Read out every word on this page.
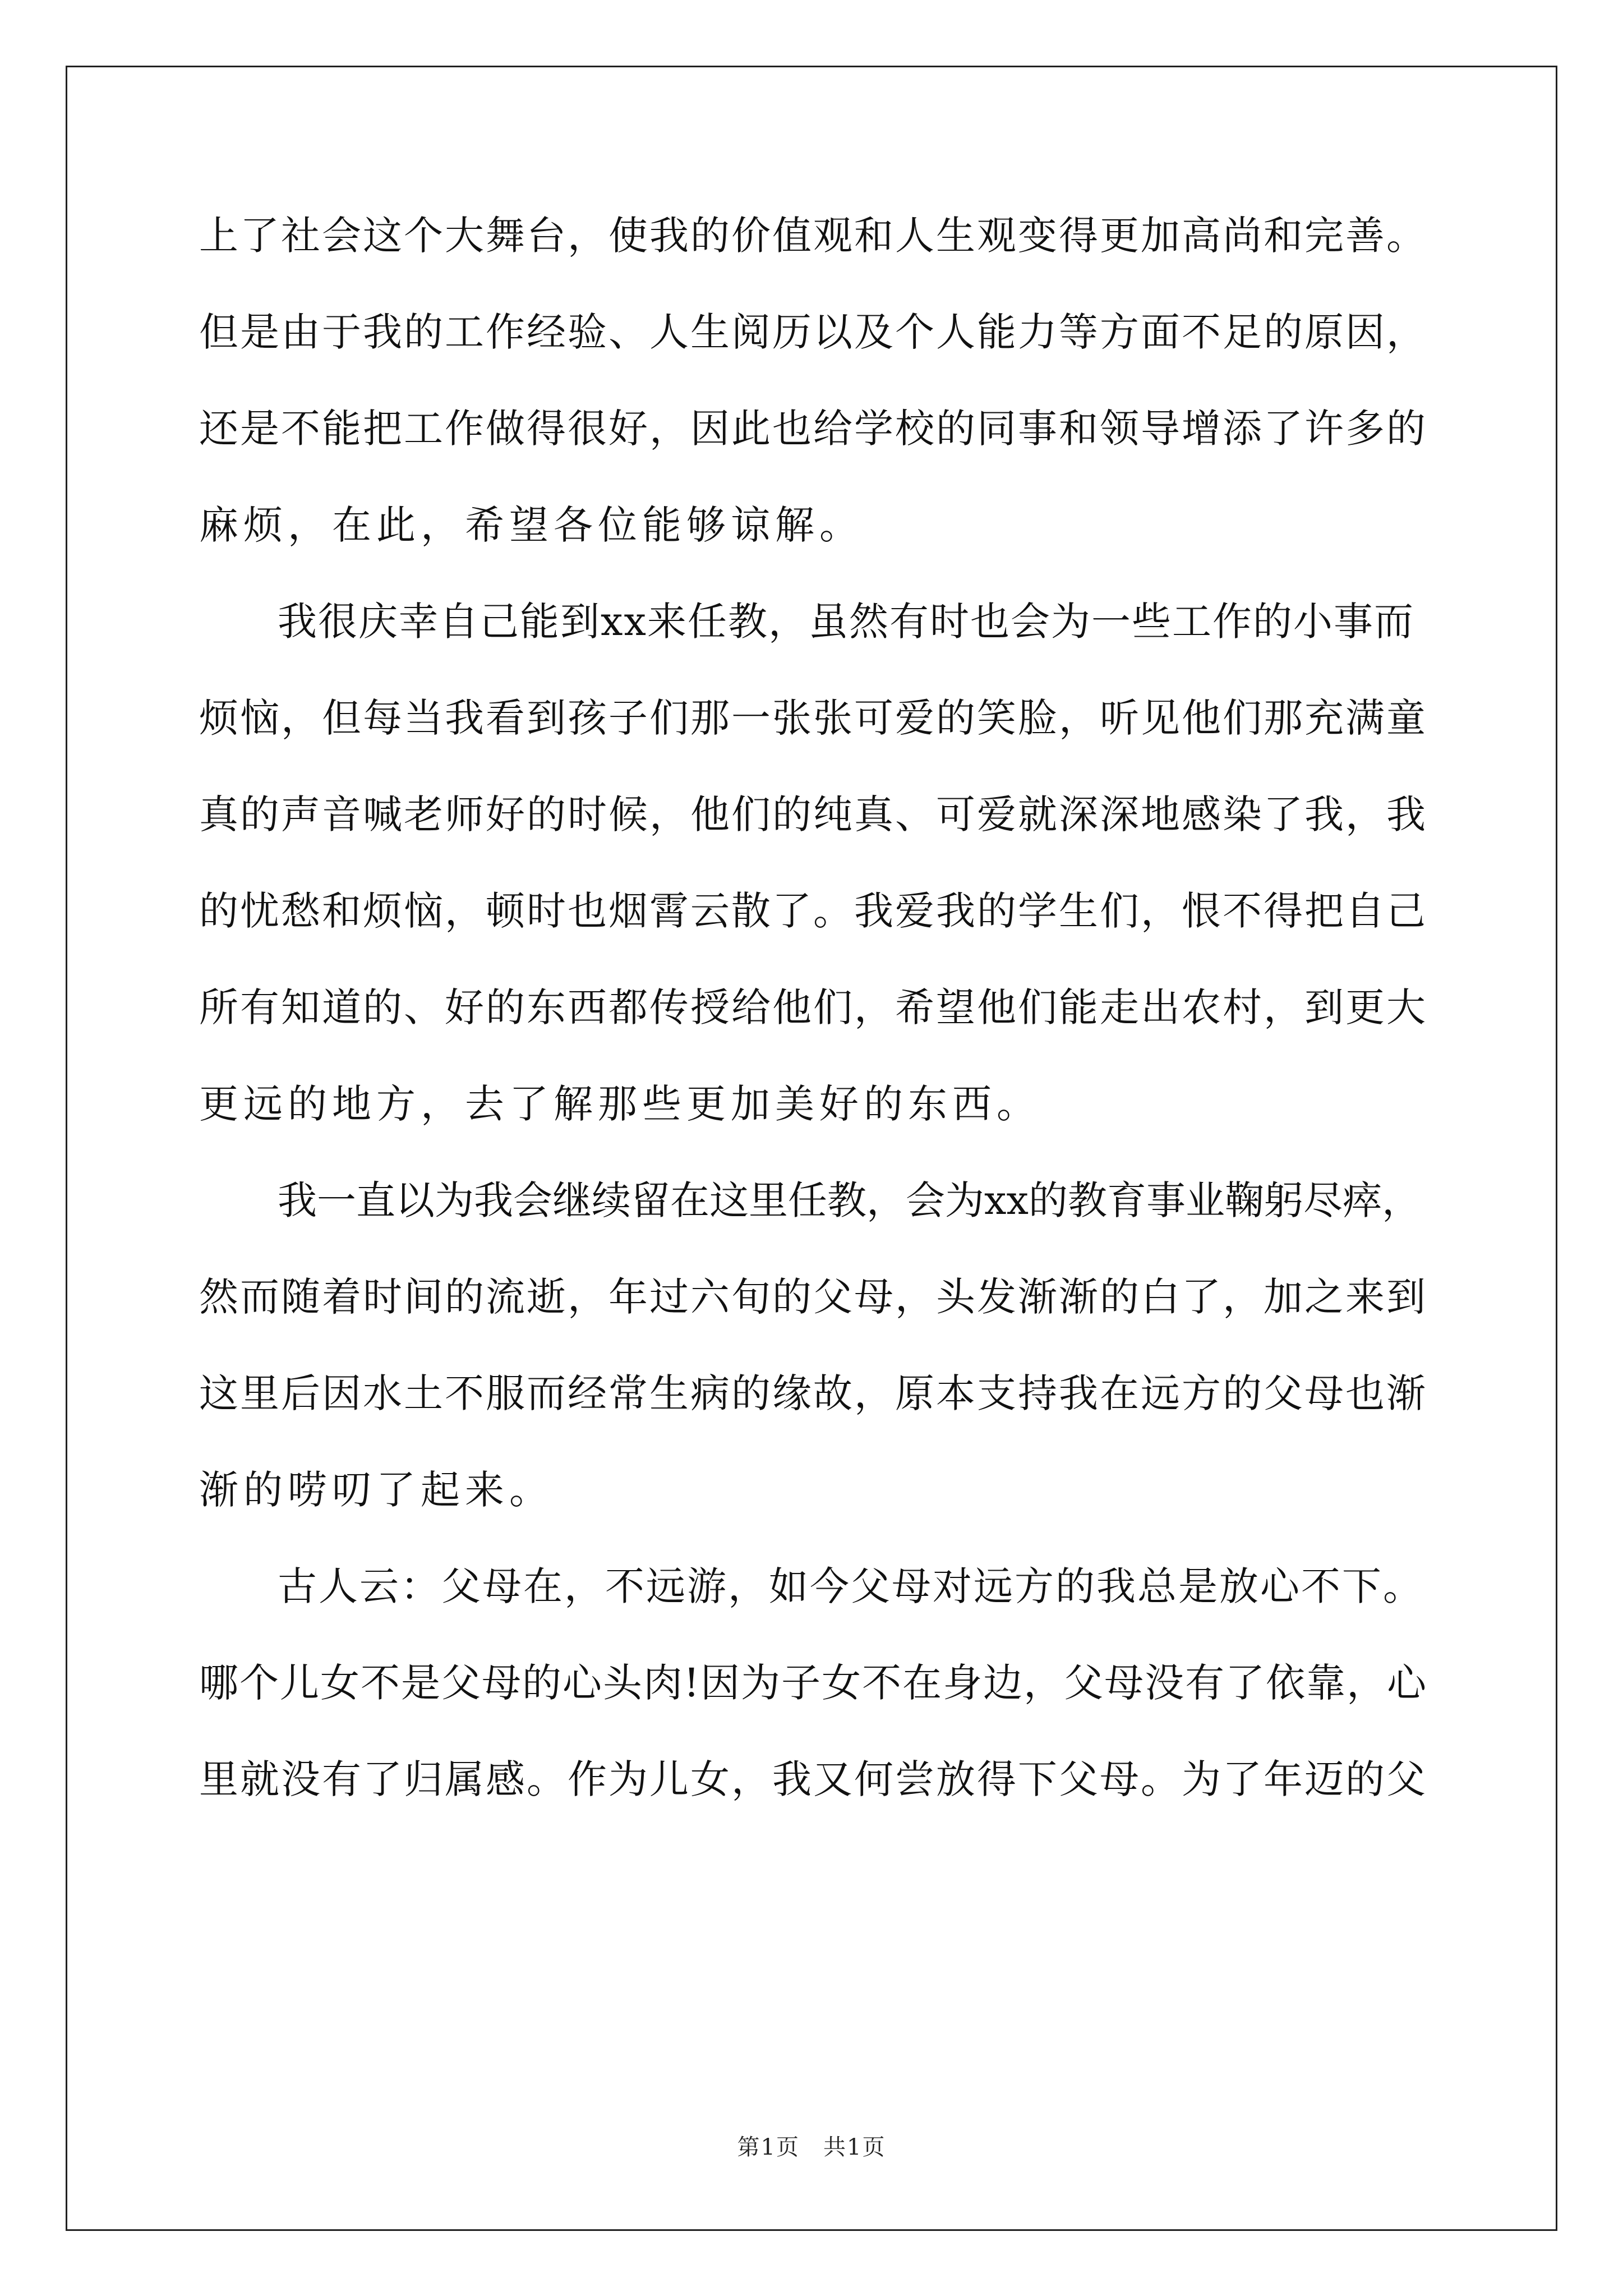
上了社会这个大舞台，使我的价值观和人生观变得更加高尚和完善。
但是由于我的工作经验、人生阅历以及个人能力等方面不足的原因，
还是不能把工作做得很好，因此也给学校的同事和领导增添了许多的
麻烦，在此，希望各位能够谅解。
我很庆幸自己能到xx来任教，虽然有时也会为一些工作的小事而
烦恼，但每当我看到孩子们那一张张可爱的笑脸，听见他们那充满童
真的声音喊老师好的时候，他们的纯真、可爱就深深地感染了我，我
的忧愁和烦恼，顿时也烟霄云散了。我爱我的学生们，恨不得把自己
所有知道的、好的东西都传授给他们，希望他们能走出农村，到更大
更远的地方，去了解那些更加美好的东西。
我一直以为我会继续留在这里任教，会为xx的教育事业鞠躬尽瘁，
然而随着时间的流逝，年过六旬的父母，头发渐渐的白了，加之来到
这里后因水土不服而经常生病的缘故，原本支持我在远方的父母也渐
渐的唠叨了起来。
古人云：父母在，不远游，如今父母对远方的我总是放心不下。
哪个儿女不是父母的心头肉!因为子女不在身边，父母没有了依靠，心
里就没有了归属感。作为儿女，我又何尝放得下父母。为了年迈的父
第1页　共1页
